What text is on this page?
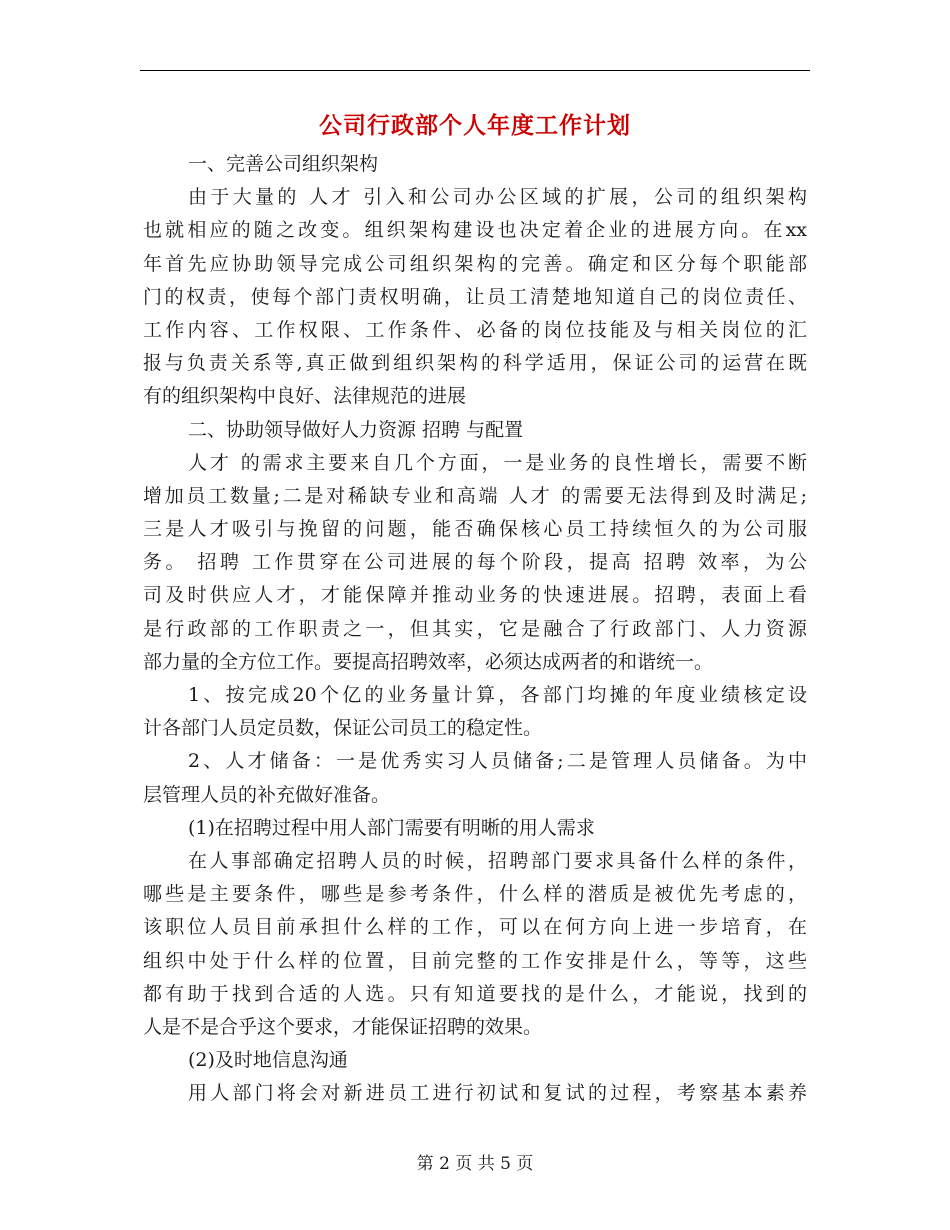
公司行政部个人年度工作计划
一、完善公司组织架构
由于大量的 人才 引入和公司办公区域的扩展，公司的组织架构
也就相应的随之改变。组织架构建设也决定着企业的进展方向。在xx
年首先应协助领导完成公司组织架构的完善。确定和区分每个职能部
门的权责，使每个部门责权明确，让员工清楚地知道自己的岗位责任、
工作内容、工作权限、工作条件、必备的岗位技能及与相关岗位的汇
报与负责关系等,真正做到组织架构的科学适用，保证公司的运营在既
有的组织架构中良好、法律规范的进展
二、协助领导做好人力资源 招聘 与配置
人才 的需求主要来自几个方面，一是业务的良性增长，需要不断
增加员工数量;二是对稀缺专业和高端 人才 的需要无法得到及时满足;
三是人才吸引与挽留的问题，能否确保核心员工持续恒久的为公司服
务。 招聘 工作贯穿在公司进展的每个阶段，提高 招聘 效率，为公
司及时供应人才，才能保障并推动业务的快速进展。招聘，表面上看
是行政部的工作职责之一，但其实，它是融合了行政部门、人力资源
部力量的全方位工作。要提高招聘效率，必须达成两者的和谐统一。
1、按完成20个亿的业务量计算，各部门均摊的年度业绩核定设
计各部门人员定员数，保证公司员工的稳定性。
2、人才储备：一是优秀实习人员储备;二是管理人员储备。为中
层管理人员的补充做好准备。
(1)在招聘过程中用人部门需要有明晰的用人需求
在人事部确定招聘人员的时候，招聘部门要求具备什么样的条件，
哪些是主要条件，哪些是参考条件，什么样的潜质是被优先考虑的，
该职位人员目前承担什么样的工作，可以在何方向上进一步培育，在
组织中处于什么样的位置，目前完整的工作安排是什么，等等，这些
都有助于找到合适的人选。只有知道要找的是什么，才能说，找到的
人是不是合乎这个要求，才能保证招聘的效果。
(2)及时地信息沟通
用人部门将会对新进员工进行初试和复试的过程，考察基本素养
第 2 页 共 5 页
